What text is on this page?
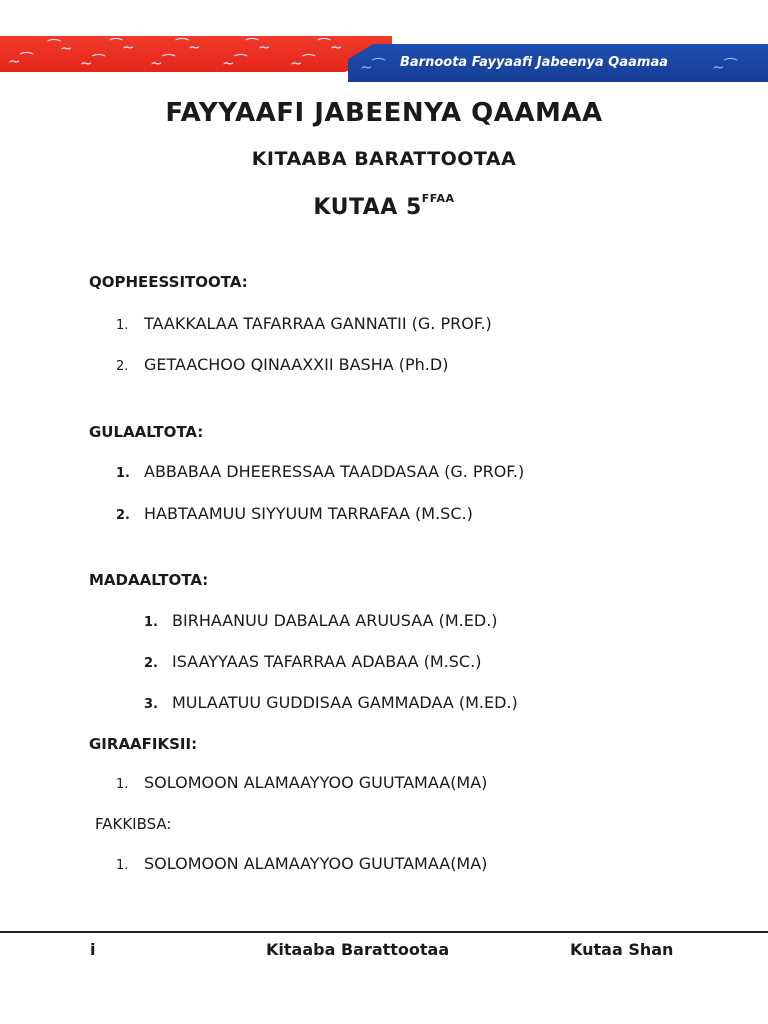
~⁀
⁀~ ⁀~	⁀~	⁀~	⁀~
~⁀	~⁀	~⁀	~⁀	~⁀	~⁀
Barnoota Fayyaafi Jabeenya Qaamaa
FAYYAAFI JABEENYA QAAMAA
KITAABA BARATTOOTAA
KUTAA $5^{FFAA}$
QOPHEESSITOOTA:
1. TAAKKALAA TAFARRAA GANNATII (G. PROF.)
2. GETAACHOO QINAAXXII BASHA (Ph.D)
GULAALTOTA:
1. ABBABAA DHEERESSAA TAADDASAA (G. PROF.)
2. HABTAAMUU SIYYUUM TARRAFAA (M.SC.)
MADAALTOTA:
1. BIRHAANUU DABALAA ARUUSAA (M.ED.)
2. ISAAYYAAS TAFARRAA ADABAA (M.SC.)
3. MULAATUU GUDDISAA GAMMADAA (M.ED.)
GIRAAFIKSII:
1. SOLOMOON ALAMAAYYOO GUUTAMAA(MA)
FAKKIBSA:
1. SOLOMOON ALAMAAYYOO GUUTAMAA(MA)
i	Kitaaba Barattootaa	Kutaa Shan
